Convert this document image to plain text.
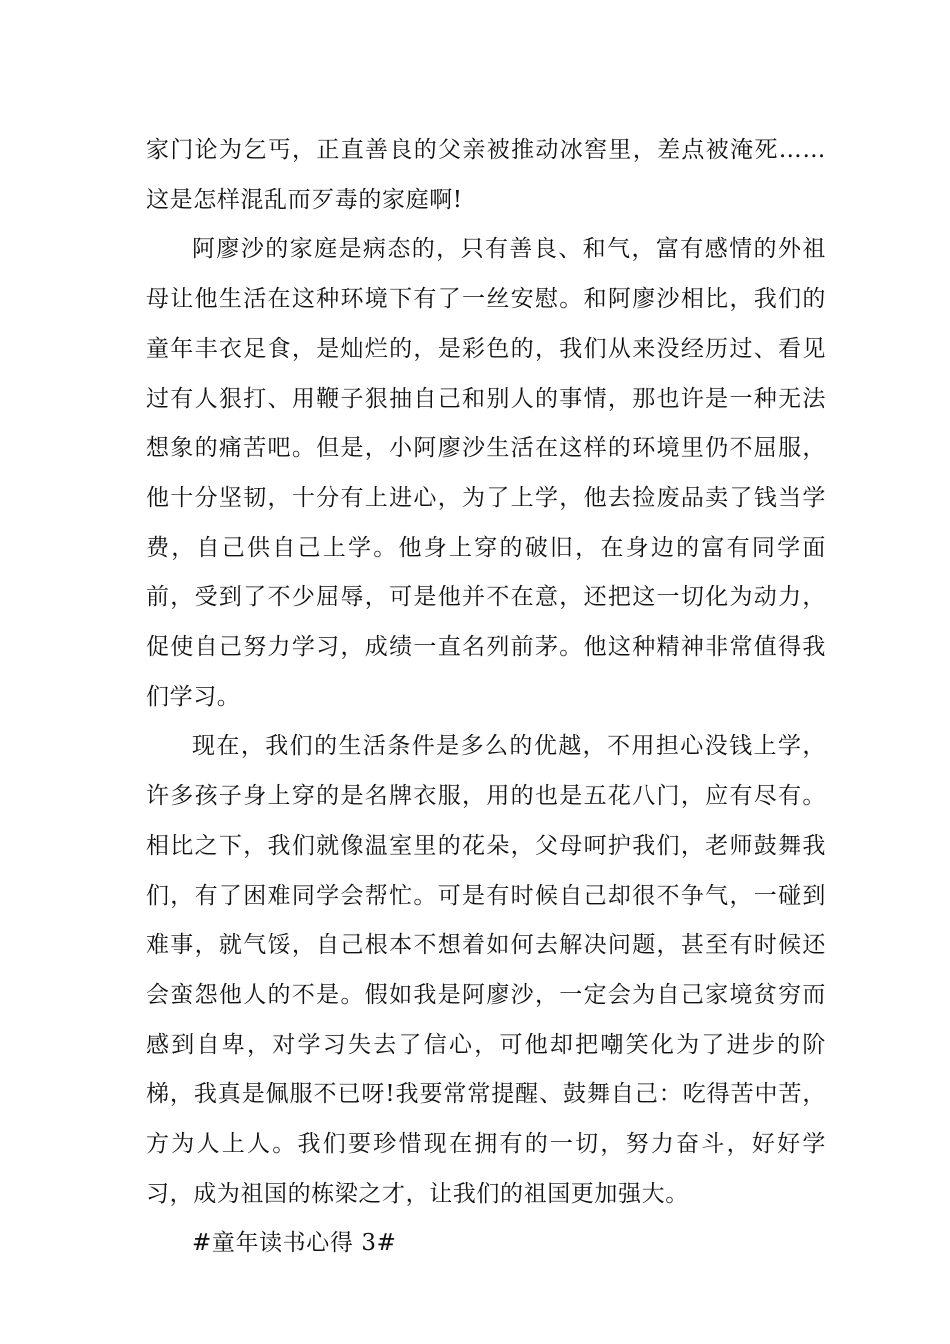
家门论为乞丐，正直善良的父亲被推动冰窖里，差点被淹死……这是怎样混乱而歹毒的家庭啊!

阿廖沙的家庭是病态的，只有善良、和气，富有感情的外祖母让他生活在这种环境下有了一丝安慰。和阿廖沙相比，我们的童年丰衣足食，是灿烂的，是彩色的，我们从来没经历过、看见过有人狠打、用鞭子狠抽自己和别人的事情，那也许是一种无法想象的痛苦吧。但是，小阿廖沙生活在这样的环境里仍不屈服，他十分坚韧，十分有上进心，为了上学，他去捡废品卖了钱当学费，自己供自己上学。他身上穿的破旧，在身边的富有同学面前，受到了不少屈辱，可是他并不在意，还把这一切化为动力，促使自己努力学习，成绩一直名列前茅。他这种精神非常值得我们学习。

现在，我们的生活条件是多么的优越，不用担心没钱上学，许多孩子身上穿的是名牌衣服，用的也是五花八门，应有尽有。相比之下，我们就像温室里的花朵，父母呵护我们，老师鼓舞我们，有了困难同学会帮忙。可是有时候自己却很不争气，一碰到难事，就气馁，自己根本不想着如何去解决问题，甚至有时候还会蛮怨他人的不是。假如我是阿廖沙，一定会为自己家境贫穷而感到自卑，对学习失去了信心，可他却把嘲笑化为了进步的阶梯，我真是佩服不已呀!我要常常提醒、鼓舞自己：吃得苦中苦，方为人上人。我们要珍惜现在拥有的一切，努力奋斗，好好学习，成为祖国的栋梁之才，让我们的祖国更加强大。

#童年读书心得 3#
